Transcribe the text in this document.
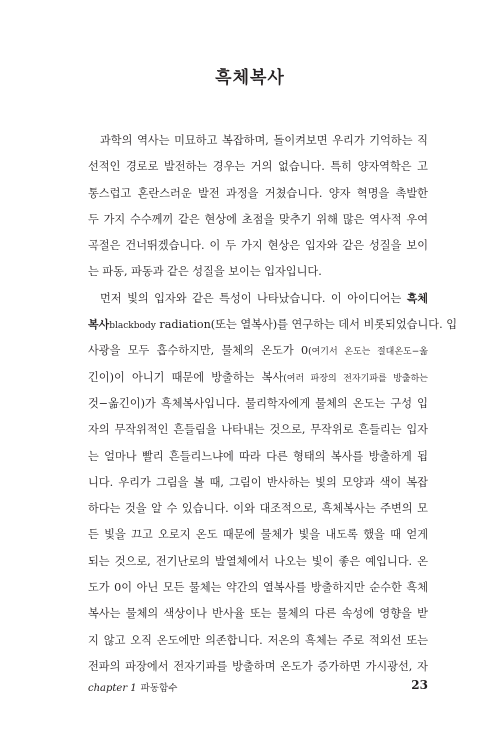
흑체복사
과학의 역사는 미묘하고 복잡하며, 돌이켜보면 우리가 기억하는 직
선적인 경로로 발전하는 경우는 거의 없습니다. 특히 양자역학은 고
통스럽고 혼란스러운 발전 과정을 거쳤습니다. 양자 혁명을 촉발한
두 가지 수수께끼 같은 현상에 초점을 맞추기 위해 많은 역사적 우여
곡절은 건너뛰겠습니다. 이 두 가지 현상은 입자와 같은 성질을 보이
는 파동, 파동과 같은 성질을 보이는 입자입니다.
먼저 빛의 입자와 같은 특성이 나타났습니다. 이 아이디어는 흑체
복사blackbody radiation(또는 열복사)를 연구하는 데서 비롯되었습니다. 입
사광을 모두 흡수하지만, 물체의 온도가 0(여기서 온도는 절대온도−옮
긴이)이 아니기 때문에 방출하는 복사(여러 파장의 전자기파를 방출하는
것−옮긴이)가 흑체복사입니다. 물리학자에게 물체의 온도는 구성 입
자의 무작위적인 흔들림을 나타내는 것으로, 무작위로 흔들리는 입자
는 얼마나 빨리 흔들리느냐에 따라 다른 형태의 복사를 방출하게 됩
니다. 우리가 그림을 볼 때, 그림이 반사하는 빛의 모양과 색이 복잡
하다는 것을 알 수 있습니다. 이와 대조적으로, 흑체복사는 주변의 모
든 빛을 끄고 오로지 온도 때문에 물체가 빛을 내도록 했을 때 얻게
되는 것으로, 전기난로의 발열체에서 나오는 빛이 좋은 예입니다. 온
도가 0이 아닌 모든 물체는 약간의 열복사를 방출하지만 순수한 흑체
복사는 물체의 색상이나 반사율 또는 물체의 다른 속성에 영향을 받
지 않고 오직 온도에만 의존합니다. 저온의 흑체는 주로 적외선 또는
전파의 파장에서 전자기파를 방출하며 온도가 증가하면 가시광선, 자
chapter 1 파동함수	23
